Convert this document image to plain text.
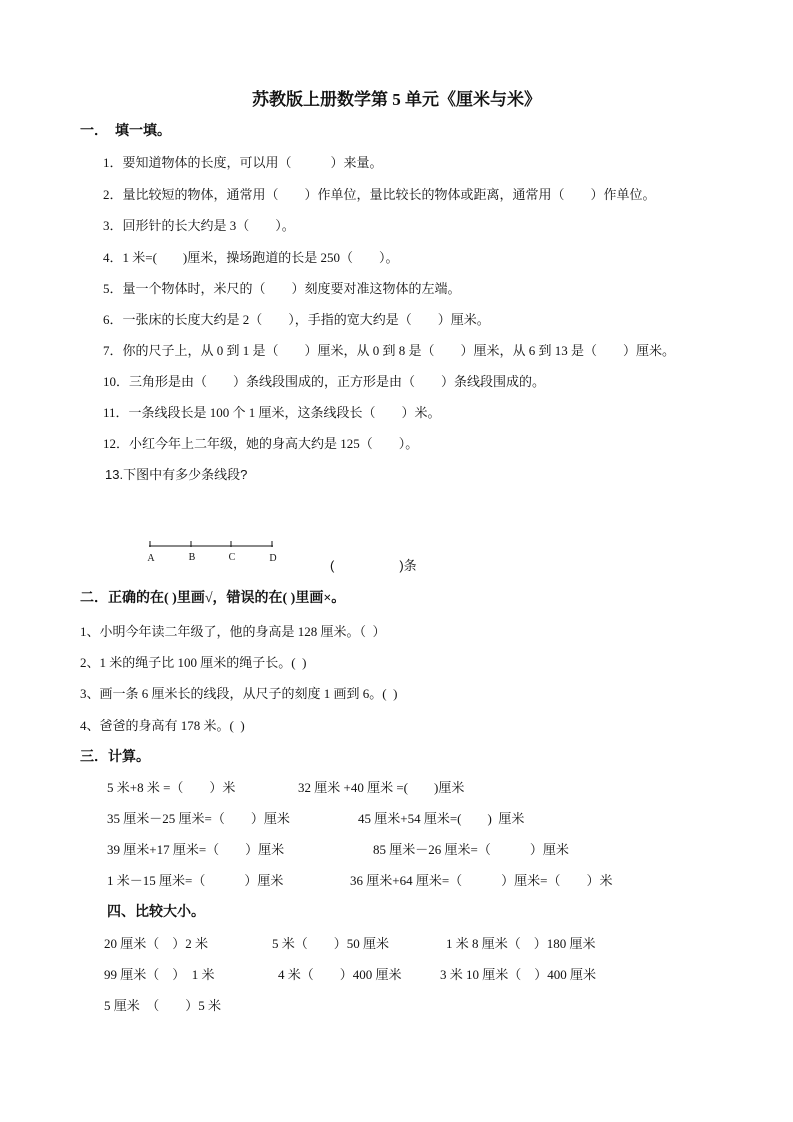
苏教版上册数学第 5 单元《厘米与米》
一．  填一填。
1．要知道物体的长度，可以用（　　　）来量。
2．量比较短的物体，通常用（　　）作单位，量比较长的物体或距离，通常用（　　）作单位。
3．回形针的长大约是 3（　　）。
4．1 米=(　　)厘米，操场跑道的长是 250（　　）。
5．量一个物体时，米尺的（　　）刻度要对准这物体的左端。
6．一张床的长度大约是 2（　　），手指的宽大约是（　　）厘米。
7．你的尺子上，从 0 到 1 是（　　）厘米，从 0 到 8 是（　　）厘米，从 6 到 13 是（　　）厘米。
10．三角形是由（　　）条线段围成的，正方形是由（　　）条线段围成的。
11．一条线段长是 100 个 1 厘米，这条线段长（　　）米。
12．小红今年上二年级，她的身高大约是 125（　　）。
13.下图中有多少条线段?
A	B	C	D	(　　　　　)条
二．正确的在( )里画√，错误的在( )里画×。
1、小明今年读二年级了，他的身高是 128 厘米。（  ）
2、1 米的绳子比 100 厘米的绳子长。(  )
3、画一条 6 厘米长的线段，从尺子的刻度 1 画到 6。(  )
4、爸爸的身高有 178 米。(  )
三．计算。
5 米+8 米 =（　　）米	32 厘米 +40 厘米 =(　　)厘米
35 厘米－25 厘米=（　　）厘米	45 厘米+54 厘米=(　　)  厘米
39 厘米+17 厘米=（　　）厘米	85 厘米－26 厘米=（　　　）厘米
1 米－15 厘米=（　　　）厘米	36 厘米+64 厘米=（　　　）厘米=（　　）米
四、比较大小。
20 厘米（　）2 米	5 米（　　）50 厘米	1 米 8 厘米（　）180 厘米
99 厘米（　）  1 米	4 米（　　）400 厘米	3 米 10 厘米（　）400 厘米
5 厘米　（　　）5 米
